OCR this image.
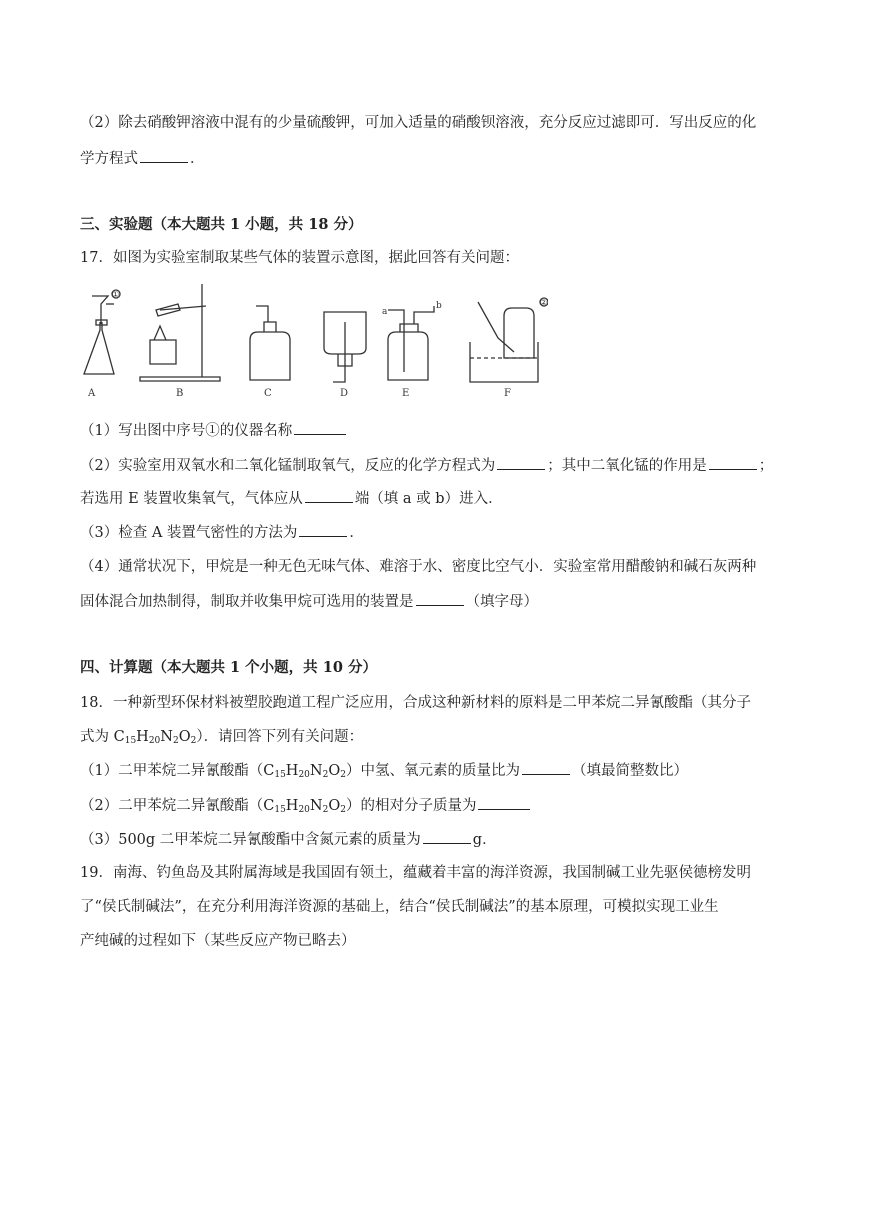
（2）除去硝酸钾溶液中混有的少量硫酸钾，可加入适量的硝酸钡溶液，充分反应过滤即可．写出反应的化
学方程式	．
三、实验题（本大题共 1 小题，共 18 分）
17．如图为实验室制取某些气体的装置示意图，据此回答有关问题：
A	B	C	D	E	F
①
②
a
b
（1）写出图中序号①的仪器名称
（2）实验室用双氧水和二氧化锰制取氧气，反应的化学方程式为	；其中二氧化锰的作用是	；
若选用 E 装置收集氧气，气体应从	端（填 a 或 b）进入．
（3）检查 A 装置气密性的方法为	．
（4）通常状况下，甲烷是一种无色无味气体、难溶于水、密度比空气小．实验室常用醋酸钠和碱石灰两种
固体混合加热制得，制取并收集甲烷可选用的装置是	（填字母）
四、计算题（本大题共 1 个小题，共 10 分）
18．一种新型环保材料被塑胶跑道工程广泛应用，合成这种新材料的原料是二甲苯烷二异氰酸酯（其分子
式为 $C_{15}H_{20}N_2O_2$）．请回答下列有关问题：
（1）二甲苯烷二异氰酸酯$(C_{15}H_{20}N_2O_2)$中氢、氧元素的质量比为	（填最简整数比）
（2）二甲苯烷二异氰酸酯$(C_{15}H_{20}N_2O_2)$的相对分子质量为
（3）500g 二甲苯烷二异氰酸酯中含氮元素的质量为	g．
19．南海、钓鱼岛及其附属海域是我国固有领土，蕴藏着丰富的海洋资源，我国制碱工业先驱侯德榜发明
了“侯氏制碱法”，在充分利用海洋资源的基础上，结合“侯氏制碱法”的基本原理，可模拟实现工业生
产纯碱的过程如下（某些反应产物已略去）
